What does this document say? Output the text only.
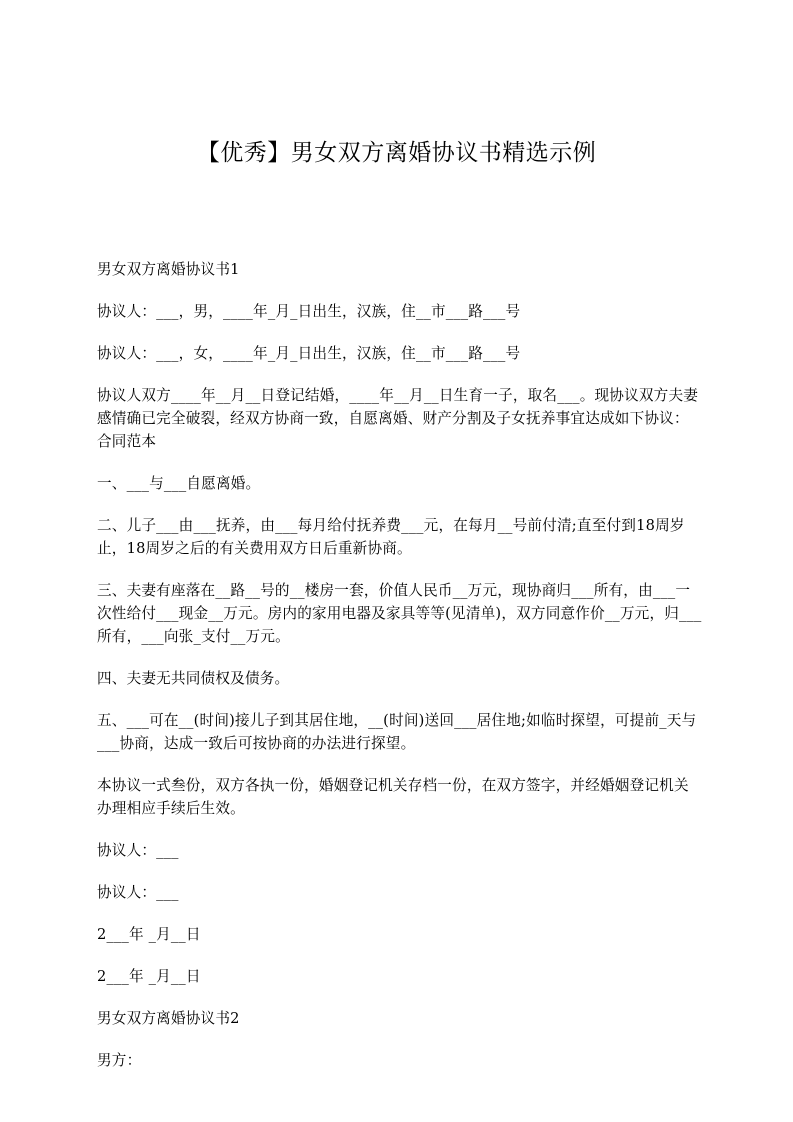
【优秀】男女双方离婚协议书精选示例

男女双方离婚协议书1

协议人：___，男，____年_月_日出生，汉族，住__市___路___号

协议人：___，女，____年_月_日出生，汉族，住__市___路___号

协议人双方____年__月__日登记结婚，____年__月__日生育一子，取名___。现协议双方夫妻感情确已完全破裂，经双方协商一致，自愿离婚、财产分割及子女抚养事宜达成如下协议：合同范本

一、___与___自愿离婚。

二、儿子___由___抚养，由___每月给付抚养费___元，在每月__号前付清;直至付到18周岁止，18周岁之后的有关费用双方日后重新协商。

三、夫妻有座落在__路__号的__楼房一套，价值人民币__万元，现协商归___所有，由___一次性给付___现金__万元。房内的家用电器及家具等等(见清单)，双方同意作价__万元，归___所有，___向张_支付__万元。

四、夫妻无共同债权及债务。

五、___可在__(时间)接儿子到其居住地，__(时间)送回___居住地;如临时探望，可提前_天与___协商，达成一致后可按协商的办法进行探望。

本协议一式叁份，双方各执一份，婚姻登记机关存档一份，在双方签字，并经婚姻登记机关办理相应手续后生效。

协议人：___

协议人：___

2___年 _月__日

2___年 _月__日

男女双方离婚协议书2

男方：
